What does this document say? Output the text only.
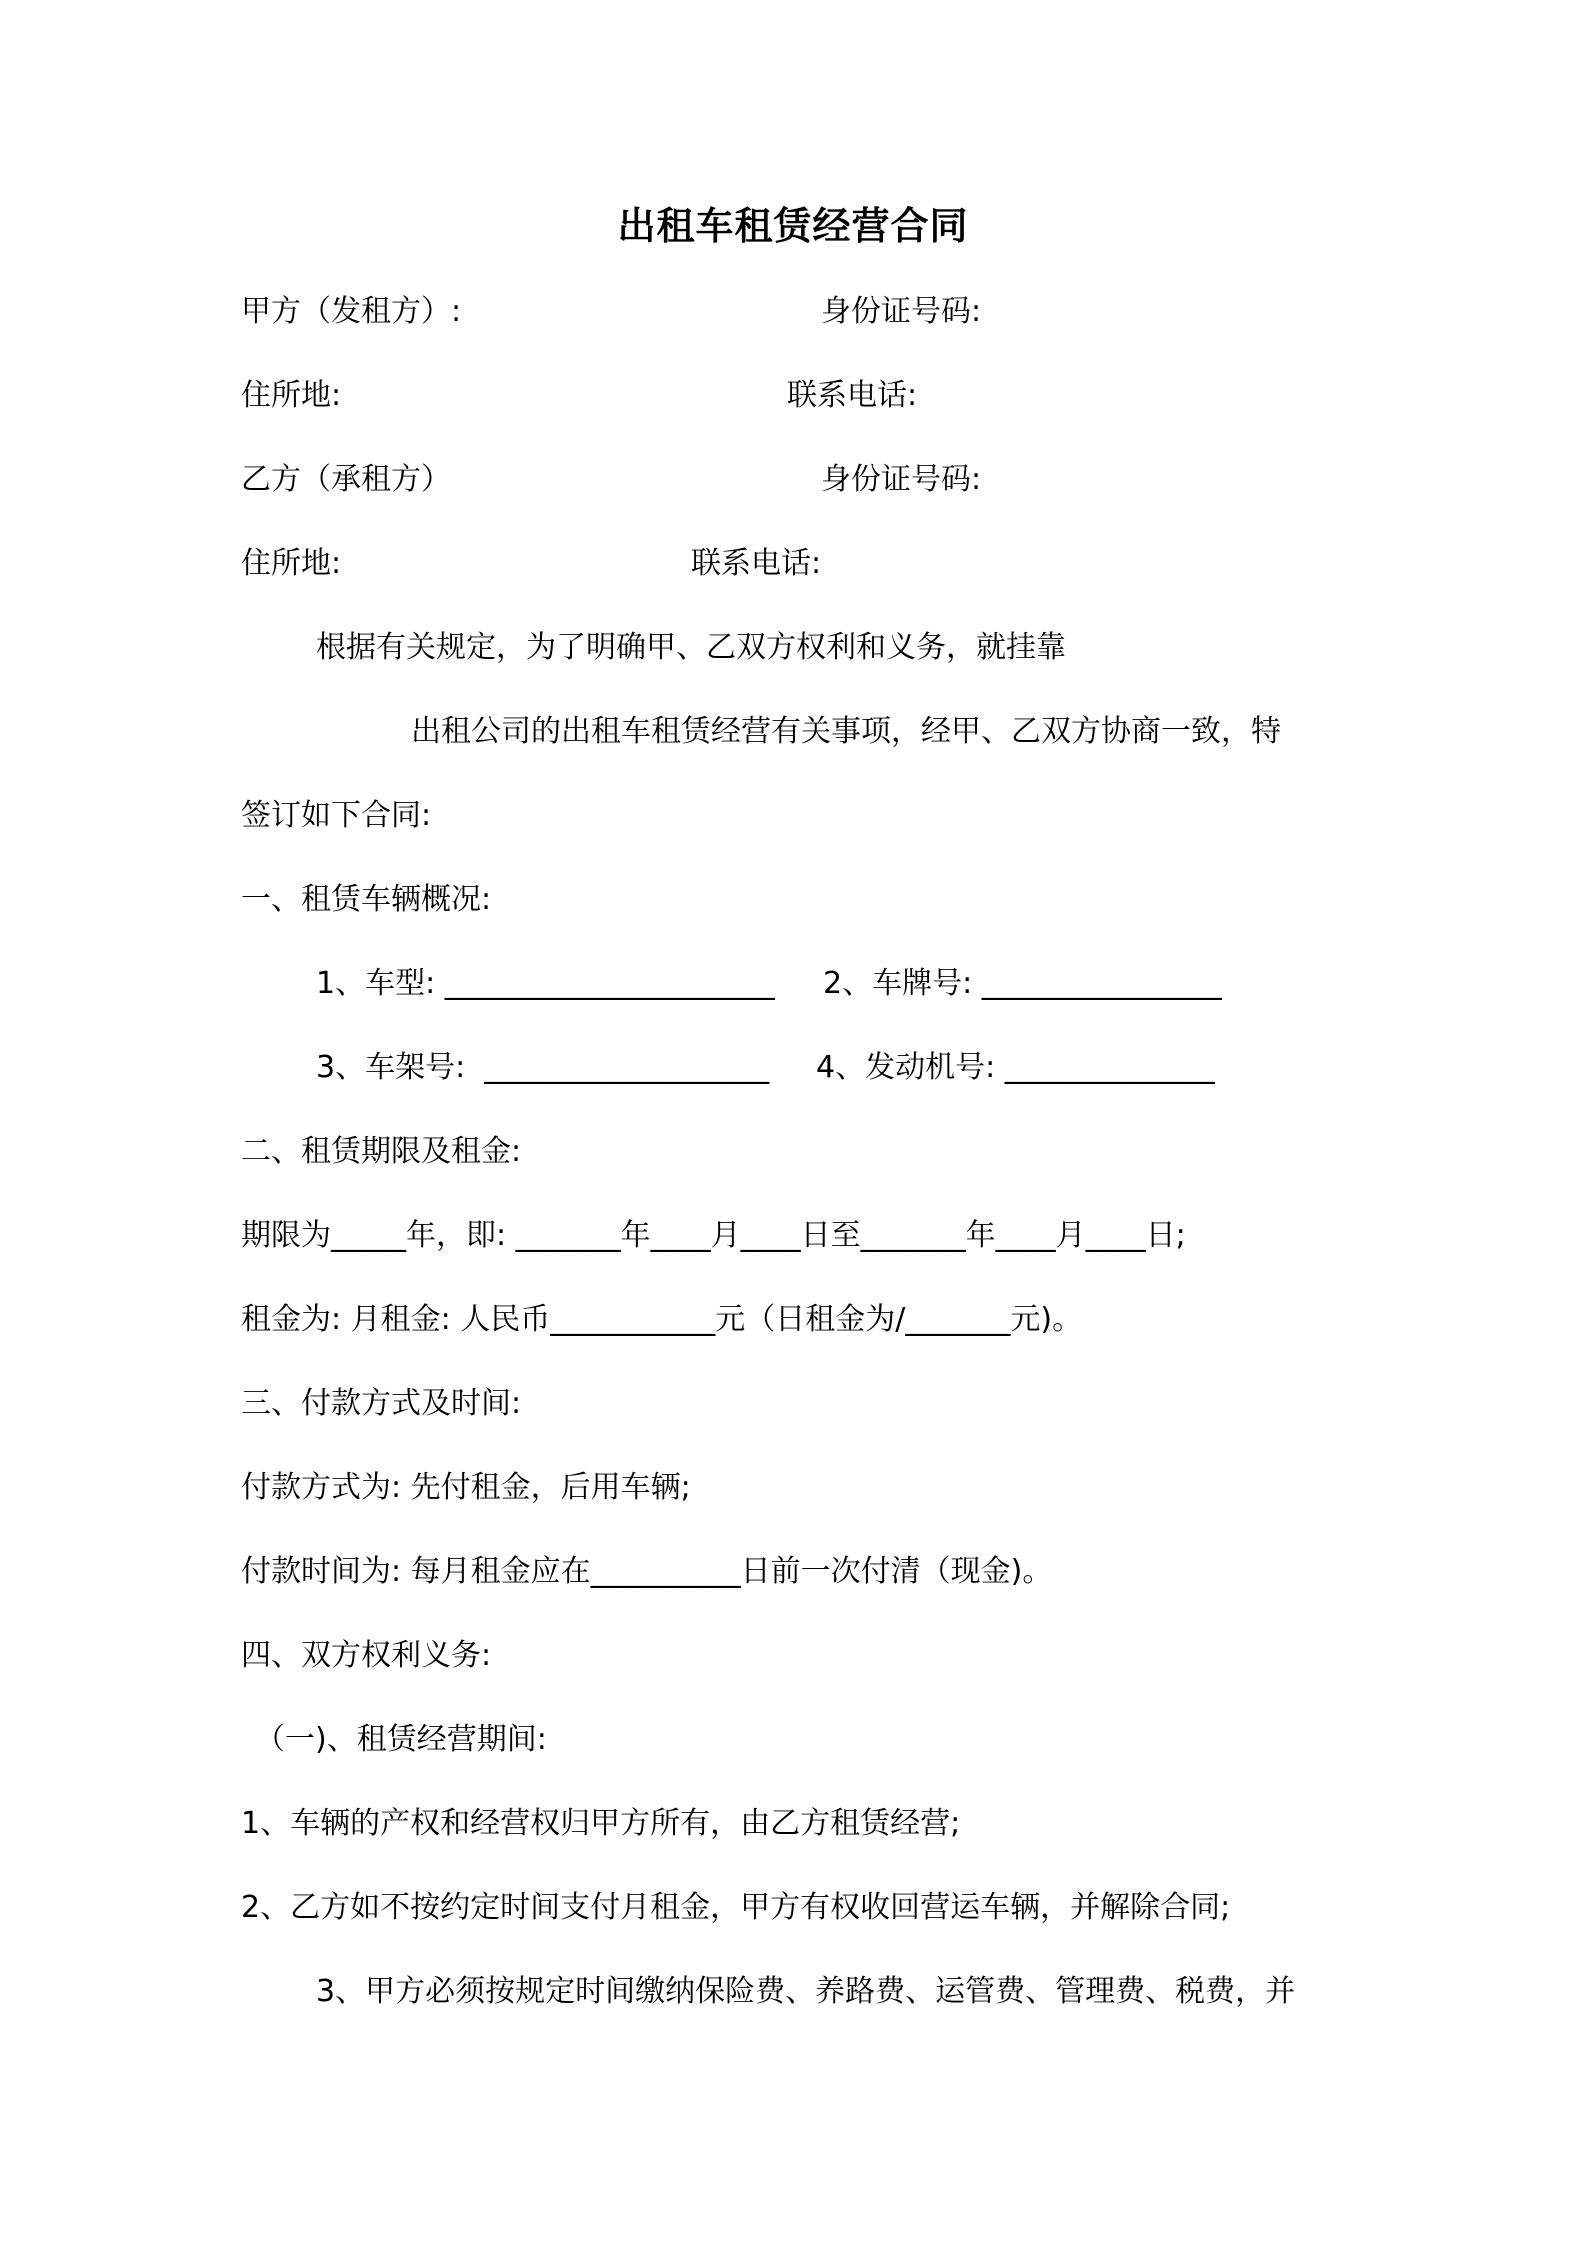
出租车租赁经营合同
甲方（发租方）:	身份证号码:
住所地:	联系电话:
乙方（承租方）	身份证号码:
住所地:	联系电话:
根据有关规定，为了明确甲、乙双方权利和义务，就挂靠
出租公司的出租车租赁经营有关事项，经甲、乙双方协商一致，特
签订如下合同:
一、租赁车辆概况:
1、车型: ______________________ 2、车牌号: ________________
3、车架号:  ___________________ 4、发动机号: ______________
二、租赁期限及租金:
期限为_____年，即: _______年____月____日至_______年____月____日;
租金为: 月租金: 人民币___________元（日租金为/_______元)。
三、付款方式及时间:
付款方式为: 先付租金，后用车辆;
付款时间为: 每月租金应在__________日前一次付清（现金)。
四、双方权利义务:
（一)、租赁经营期间:
1、车辆的产权和经营权归甲方所有，由乙方租赁经营;
2、乙方如不按约定时间支付月租金，甲方有权收回营运车辆，并解除合同;
3、甲方必须按规定时间缴纳保险费、养路费、运管费、管理费、税费，并
